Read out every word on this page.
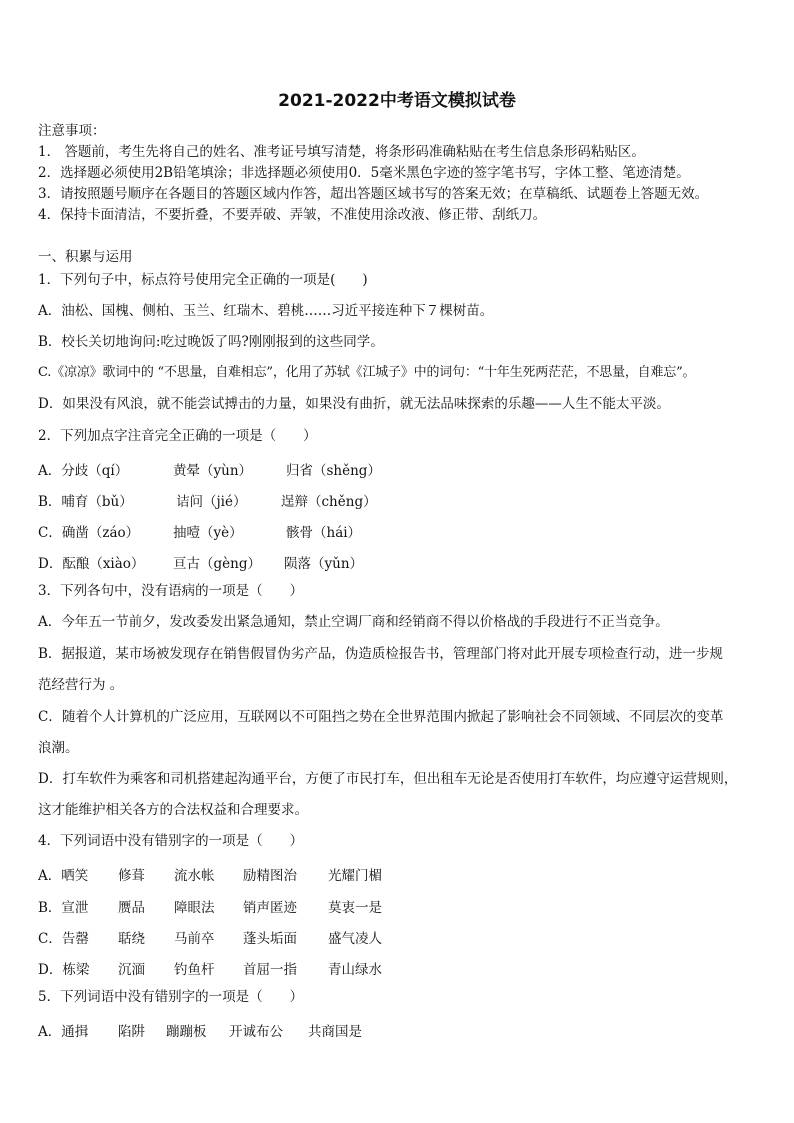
2021-2022中考语文模拟试卷
注意事项：
1． 答题前，考生先将自己的姓名、准考证号填写清楚，将条形码准确粘贴在考生信息条形码粘贴区。
2．选择题必须使用2B铅笔填涂；非选择题必须使用0．5毫米黑色字迹的签字笔书写，字体工整、笔迹清楚。
3．请按照题号顺序在各题目的答题区域内作答，超出答题区域书写的答案无效；在草稿纸、试题卷上答题无效。
4．保持卡面清洁，不要折叠，不要弄破、弄皱，不准使用涂改液、修正带、刮纸刀。
一、积累与运用
1．下列句子中，标点符号使用完全正确的一项是(　　)
A．油松、国槐、侧柏、玉兰、红瑞木、碧桃……习近平接连种下７棵树苗。
B．校长关切地询问:吃过晚饭了吗?刚刚报到的这些同学。
C.《凉凉》歌词中的 “不思量，自难相忘”，化用了苏轼《江城子》中的词句：“十年生死两茫茫，不思量，自难忘”。
D．如果没有风浪，就不能尝试搏击的力量，如果没有曲折，就无法品味探索的乐趣——人生不能太平淡。
2．下列加点字注音完全正确的一项是（　　）
A．分歧（qí）	黄晕（yùn）	归省（shěng）
B．哺育（bǔ）	诘问（jié）	逞辩（chěng）
C．确凿（záo）	抽噎（yè）	骸骨（hái）
D．酝酿（xiào） 亘古（gèng） 陨落（yǔn）
3．下列各句中，没有语病的一项是（　　）
A．今年五一节前夕，发改委发出紧急通知，禁止空调厂商和经销商不得以价格战的手段进行不正当竞争。
B．据报道，某市场被发现存在销售假冒伪劣产品，伪造质检报告书，管理部门将对此开展专项检查行动，进一步规
范经营行为 。
C．随着个人计算机的广泛应用，互联网以不可阻挡之势在全世界范围内掀起了影响社会不同领域、不同层次的变革
浪潮。
D．打车软件为乘客和司机搭建起沟通平台，方便了市民打车，但出租车无论是否使用打车软件，均应遵守运营规则，
这才能维护相关各方的合法权益和合理要求。
4．下列词语中没有错别字的一项是（　　）
A．哂笑 修葺 流水帐 励精图治 光耀门楣
B．宣泄 赝品 障眼法 销声匿迹 莫衷一是
C．告罄 聒绕 马前卒 蓬头垢面 盛气凌人
D．栋梁 沉湎 钓鱼杆 首屈一指 青山绿水
5．下列词语中没有错别字的一项是（　　）
A．通揖 陷阱 蹦蹦板 开诚布公 共商国是
